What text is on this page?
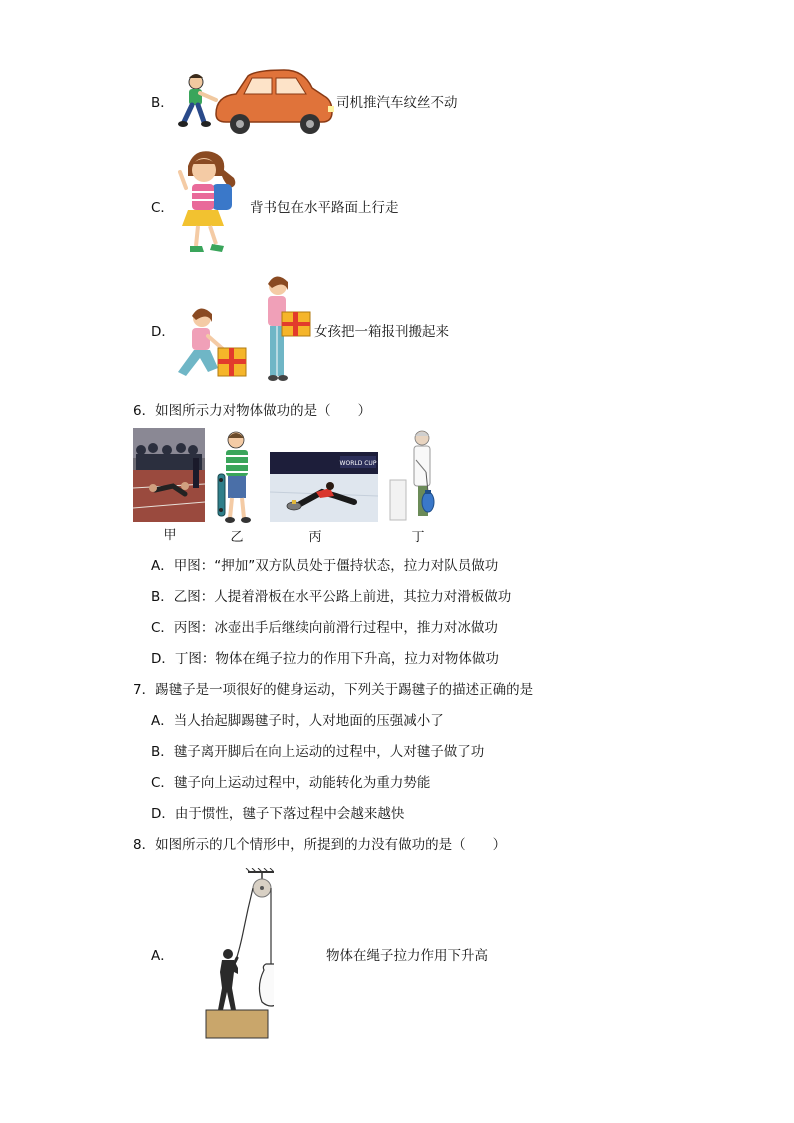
B．	司机推汽车纹丝不动
C．	背书包在水平路面上行走
D．	女孩把一箱报刊搬起来
6．如图所示力对物体做功的是（　　）
甲	乙
WORLD CUP
丙	丁
A．甲图：“押加”双方队员处于僵持状态，拉力对队员做功
B．乙图：人提着滑板在水平公路上前进，其拉力对滑板做功
C．丙图：冰壶出手后继续向前滑行过程中，推力对冰做功
D．丁图：物体在绳子拉力的作用下升高，拉力对物体做功
7．踢毽子是一项很好的健身运动，下列关于踢毽子的描述正确的是
A．当人抬起脚踢毽子时，人对地面的压强减小了
B．毽子离开脚后在向上运动的过程中，人对毽子做了功
C．毽子向上运动过程中，动能转化为重力势能
D．由于惯性，毽子下落过程中会越来越快
8．如图所示的几个情形中，所提到的力没有做功的是（　　）
A．	物体在绳子拉力作用下升高
